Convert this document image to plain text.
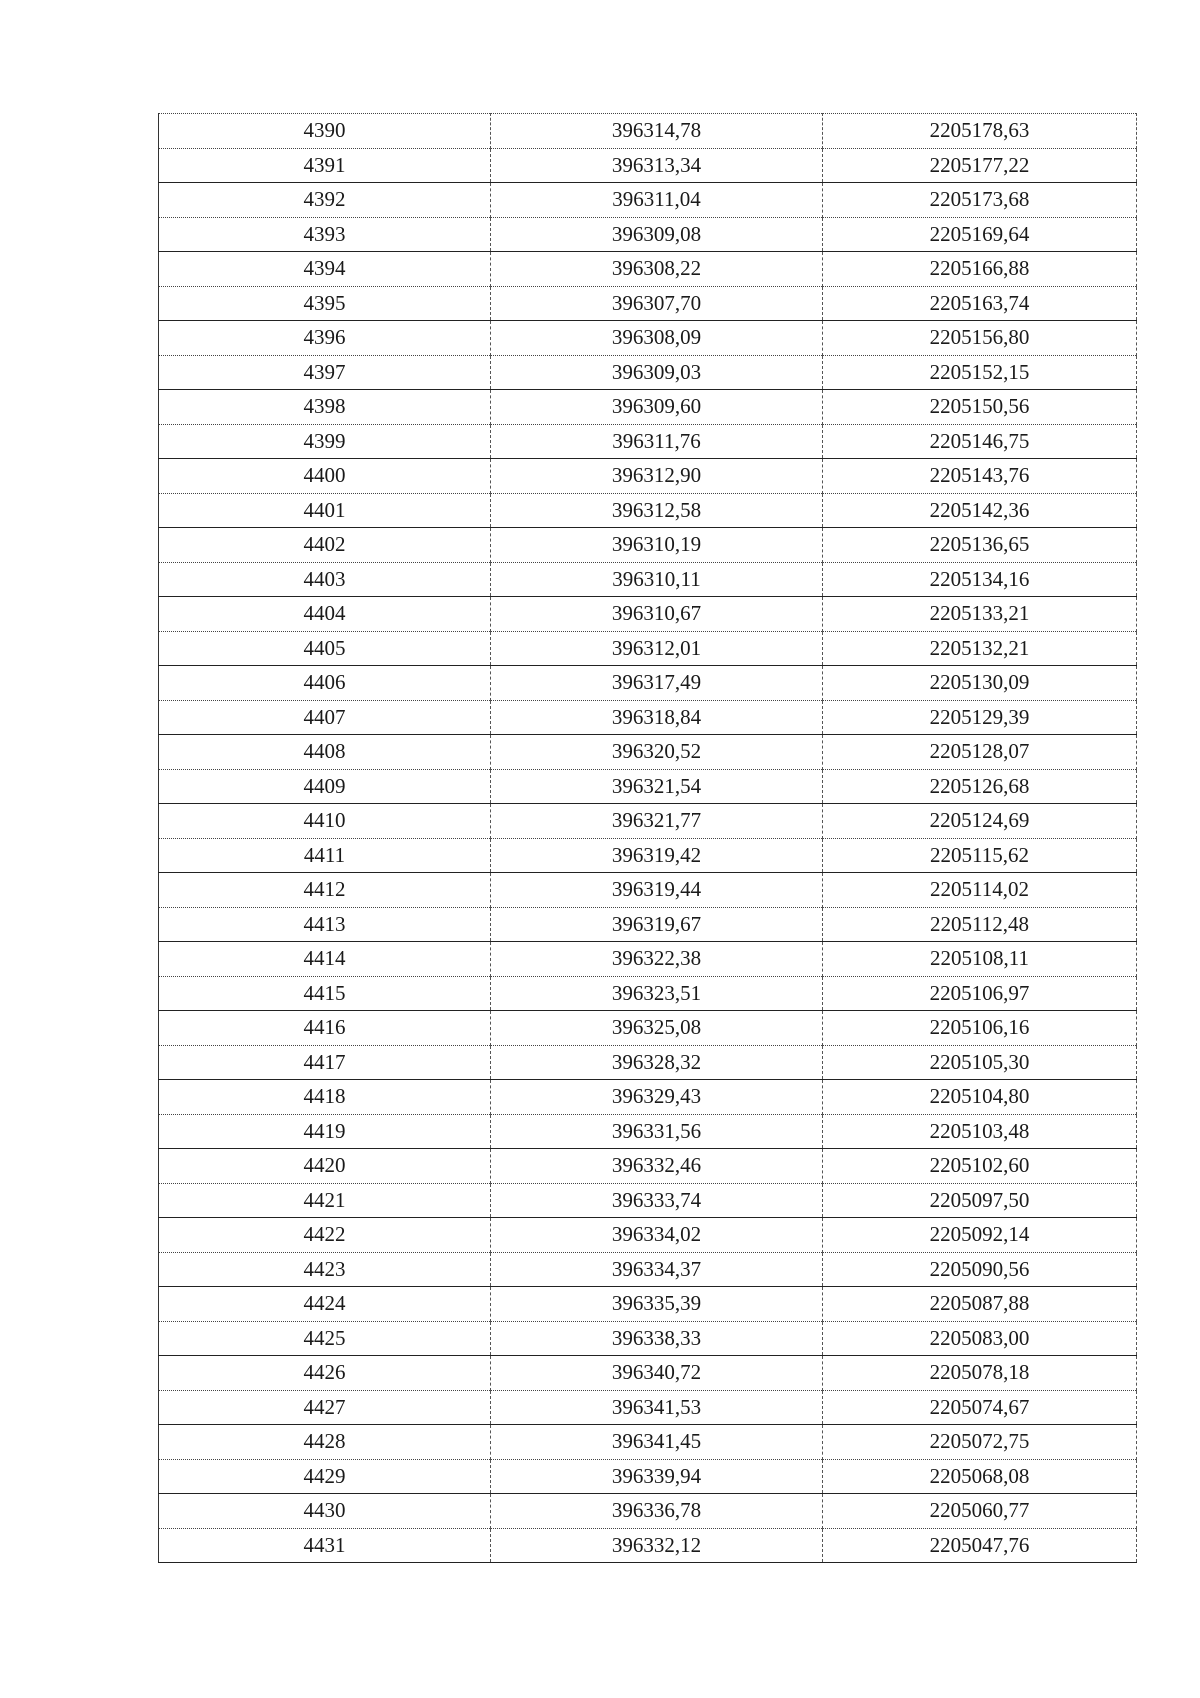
4390	396314,78	2205178,63
4391	396313,34	2205177,22
4392	396311,04	2205173,68
4393	396309,08	2205169,64
4394	396308,22	2205166,88
4395	396307,70	2205163,74
4396	396308,09	2205156,80
4397	396309,03	2205152,15
4398	396309,60	2205150,56
4399	396311,76	2205146,75
4400	396312,90	2205143,76
4401	396312,58	2205142,36
4402	396310,19	2205136,65
4403	396310,11	2205134,16
4404	396310,67	2205133,21
4405	396312,01	2205132,21
4406	396317,49	2205130,09
4407	396318,84	2205129,39
4408	396320,52	2205128,07
4409	396321,54	2205126,68
4410	396321,77	2205124,69
4411	396319,42	2205115,62
4412	396319,44	2205114,02
4413	396319,67	2205112,48
4414	396322,38	2205108,11
4415	396323,51	2205106,97
4416	396325,08	2205106,16
4417	396328,32	2205105,30
4418	396329,43	2205104,80
4419	396331,56	2205103,48
4420	396332,46	2205102,60
4421	396333,74	2205097,50
4422	396334,02	2205092,14
4423	396334,37	2205090,56
4424	396335,39	2205087,88
4425	396338,33	2205083,00
4426	396340,72	2205078,18
4427	396341,53	2205074,67
4428	396341,45	2205072,75
4429	396339,94	2205068,08
4430	396336,78	2205060,77
4431	396332,12	2205047,76
